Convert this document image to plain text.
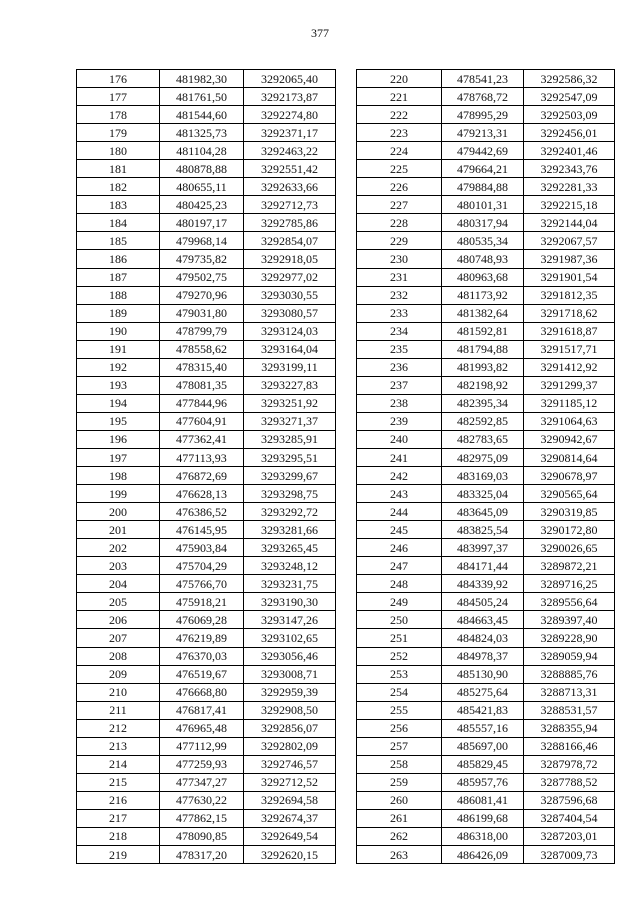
377
176	481982,30	3292065,40
177	481761,50	3292173,87
178	481544,60	3292274,80
179	481325,73	3292371,17
180	481104,28	3292463,22
181	480878,88	3292551,42
182	480655,11	3292633,66
183	480425,23	3292712,73
184	480197,17	3292785,86
185	479968,14	3292854,07
186	479735,82	3292918,05
187	479502,75	3292977,02
188	479270,96	3293030,55
189	479031,80	3293080,57
190	478799,79	3293124,03
191	478558,62	3293164,04
192	478315,40	3293199,11
193	478081,35	3293227,83
194	477844,96	3293251,92
195	477604,91	3293271,37
196	477362,41	3293285,91
197	477113,93	3293295,51
198	476872,69	3293299,67
199	476628,13	3293298,75
200	476386,52	3293292,72
201	476145,95	3293281,66
202	475903,84	3293265,45
203	475704,29	3293248,12
204	475766,70	3293231,75
205	475918,21	3293190,30
206	476069,28	3293147,26
207	476219,89	3293102,65
208	476370,03	3293056,46
209	476519,67	3293008,71
210	476668,80	3292959,39
211	476817,41	3292908,50
212	476965,48	3292856,07
213	477112,99	3292802,09
214	477259,93	3292746,57
215	477347,27	3292712,52
216	477630,22	3292694,58
217	477862,15	3292674,37
218	478090,85	3292649,54
219	478317,20	3292620,15
220	478541,23	3292586,32
221	478768,72	3292547,09
222	478995,29	3292503,09
223	479213,31	3292456,01
224	479442,69	3292401,46
225	479664,21	3292343,76
226	479884,88	3292281,33
227	480101,31	3292215,18
228	480317,94	3292144,04
229	480535,34	3292067,57
230	480748,93	3291987,36
231	480963,68	3291901,54
232	481173,92	3291812,35
233	481382,64	3291718,62
234	481592,81	3291618,87
235	481794,88	3291517,71
236	481993,82	3291412,92
237	482198,92	3291299,37
238	482395,34	3291185,12
239	482592,85	3291064,63
240	482783,65	3290942,67
241	482975,09	3290814,64
242	483169,03	3290678,97
243	483325,04	3290565,64
244	483645,09	3290319,85
245	483825,54	3290172,80
246	483997,37	3290026,65
247	484171,44	3289872,21
248	484339,92	3289716,25
249	484505,24	3289556,64
250	484663,45	3289397,40
251	484824,03	3289228,90
252	484978,37	3289059,94
253	485130,90	3288885,76
254	485275,64	3288713,31
255	485421,83	3288531,57
256	485557,16	3288355,94
257	485697,00	3288166,46
258	485829,45	3287978,72
259	485957,76	3287788,52
260	486081,41	3287596,68
261	486199,68	3287404,54
262	486318,00	3287203,01
263	486426,09	3287009,73
